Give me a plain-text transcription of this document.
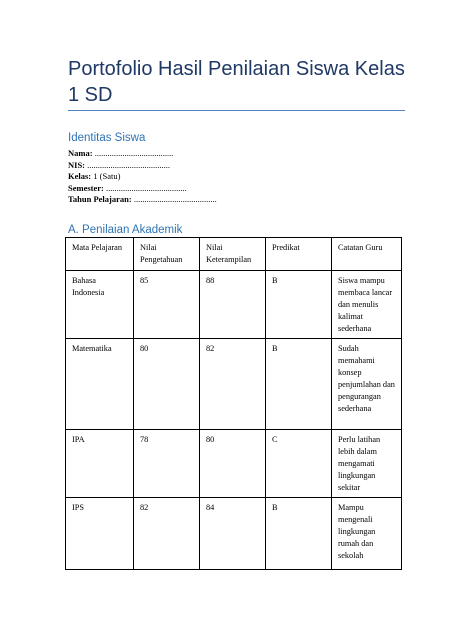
Portofolio Hasil Penilaian Siswa Kelas 1 SD
Identitas Siswa
Nama: .....................................
NIS: .......................................
Kelas: 1 (Satu)
Semester: ......................................
Tahun Pelajaran: .......................................
A. Penilaian Akademik
Mata Pelajaran	Nilai Pengetahuan	Nilai Keterampilan	Predikat	Catatan Guru
Bahasa Indonesia	85	88	B	Siswa mampu membaca lancar dan menulis kalimat sederhana
Matematika	80	82	B	Sudah memahami konsep penjumlahan dan pengurangan sederhana
IPA	78	80	C	Perlu latihan lebih dalam mengamati lingkungan sekitar
IPS	82	84	B	Mampu mengenali lingkungan rumah dan sekolah
